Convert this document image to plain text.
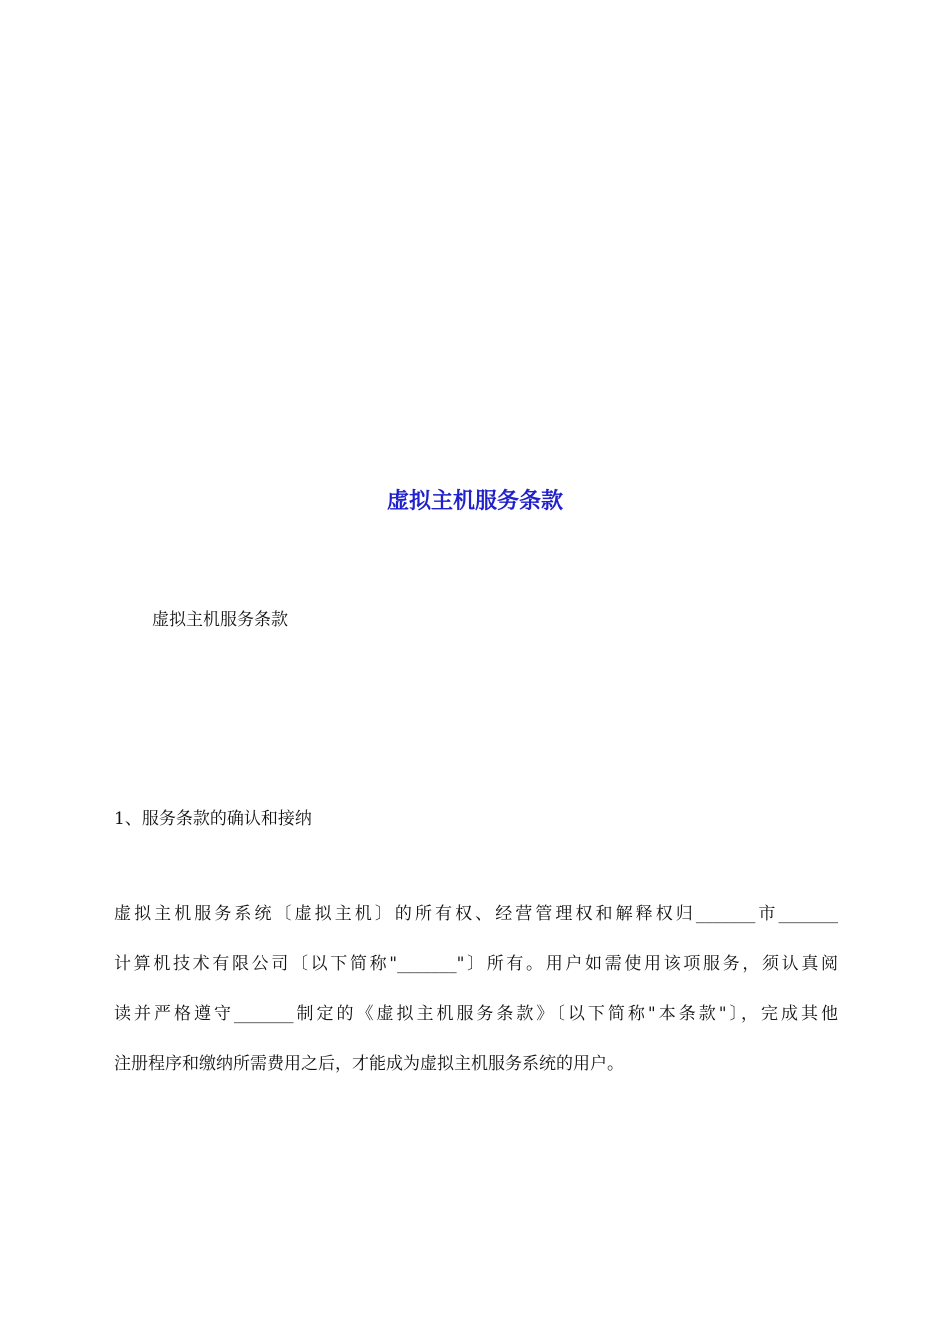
虚拟主机服务条款

虚拟主机服务条款

1、服务条款的确认和接纳

虚拟主机服务系统〔虚拟主机〕的所有权、经营管理权和解释权归_______市_______
计算机技术有限公司〔以下简称"_______"〕所有。用户如需使用该项服务，须认真阅
读并严格遵守_______制定的《虚拟主机服务条款》〔以下简称"本条款"〕，完成其他
注册程序和缴纳所需费用之后，才能成为虚拟主机服务系统的用户。
